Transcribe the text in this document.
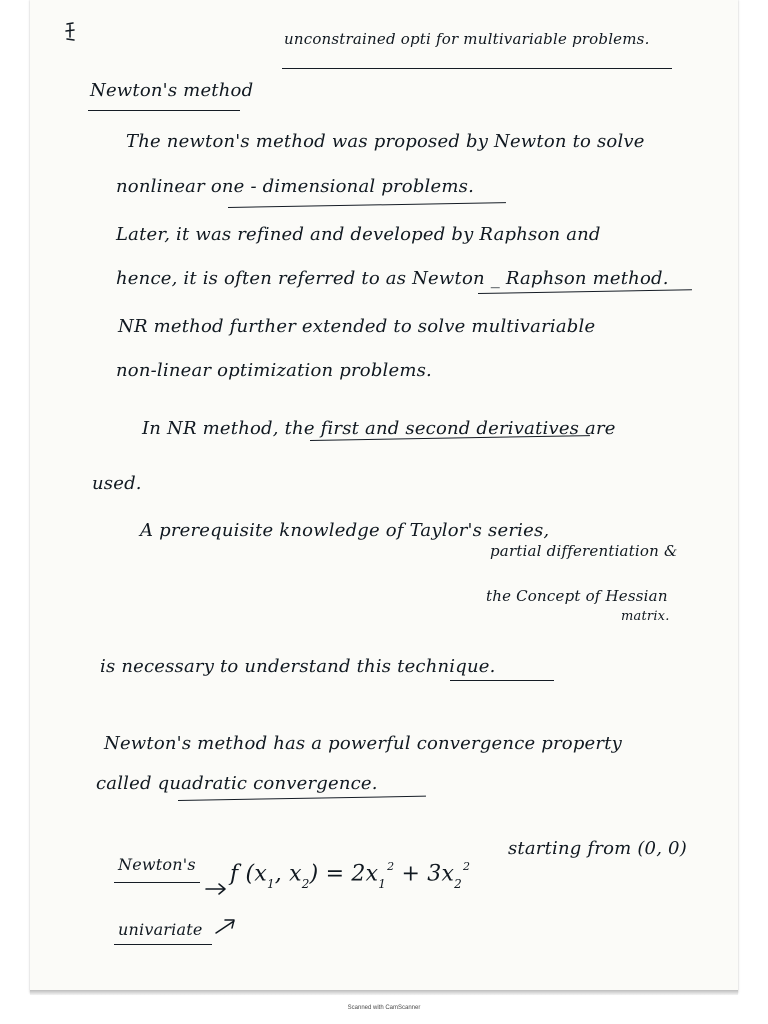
unconstrained opti for multivariable problems.
Newton's method
The newton's method was proposed by Newton to solve
nonlinear one - dimensional problems.
Later, it was refined and developed by Raphson and
hence, it is often referred to as Newton _ Raphson method.
NR method further extended to solve multivariable
non-linear optimization problems.
In NR method, the first and second derivatives are
used.
A prerequisite knowledge of Taylor's series,
partial differentiation &
the Concept of Hessian
matrix.
is necessary to understand this technique.
Newton's method has a powerful convergence property
called quadratic convergence.
Newton's f ($x_1$, $x_2) = 2x_1^2 + 3x_2^2$
starting from (0, 0)
univariate
Scanned with CamScanner
